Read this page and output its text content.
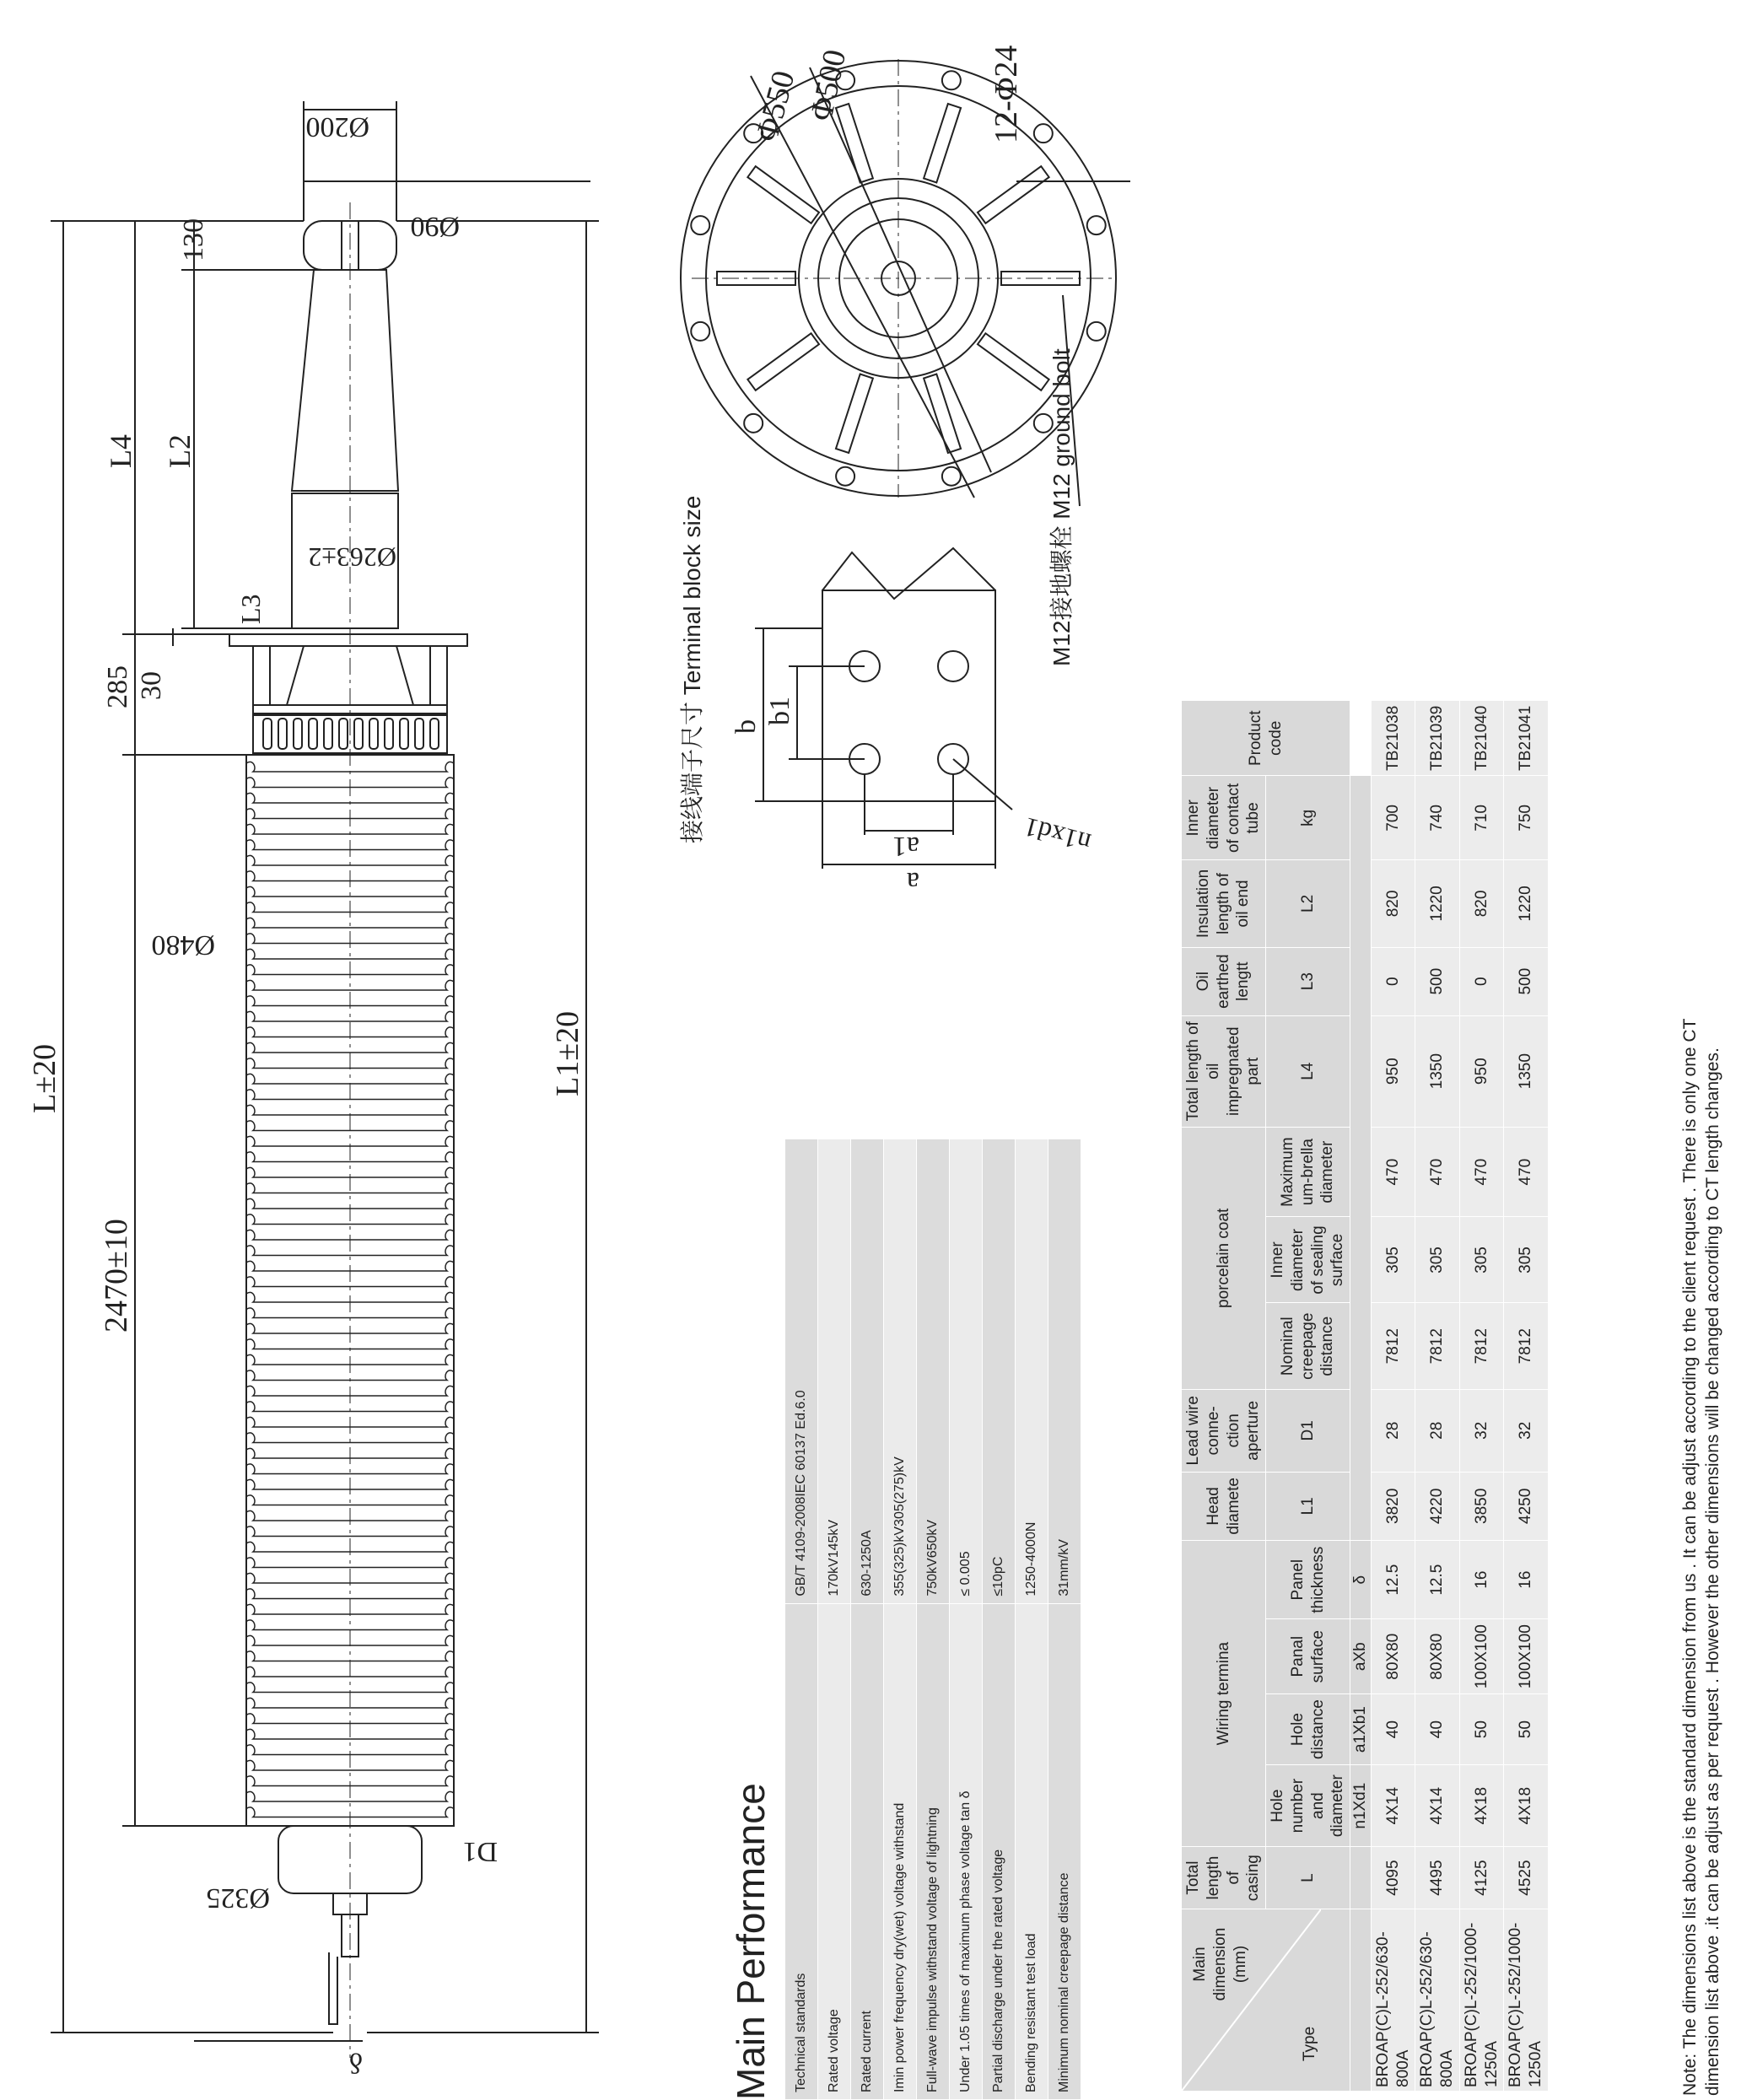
Ø200
Ø90
130
L4 L2
Ø263±2
L3
285 30
Ø480
L±20
2470±10
L1±20
D1
Ø325
δ
Φ550 Φ500	12-Φ24
M12接地螺栓 M12 ground bolt
接线端子尺寸 Terminal block size b
b1
a
a1	n1xd1
Main Performance Technical standards	GB/T 4109-2008IEC 60137 Ed.6.0
Rated voltage	170kV145kV
Rated current	630-1250A
Imin power frequency dry(wet) voltage withstand	355(325)kV305(275)kV
Full-wave impulse withstand voltage of lightning	750kV650kV
Under 1.05 times of maximum phase voltage tan δ	≤ 0.005
Partial discharge under the rated voltage	≤10pC
Bending resistant test load	1250-4000N
Minimum nominal creepage distance	31mm/kV
Main dimension (mm)
Type	Total length of casing	Wiring termina				Head diamete	Lead wire conne-ction aperture	porcelain coat			Total length of oil impregnated part	Oil earthed lengtt	Insulation length of oil end	Inner diameter of contact tube	Product code
	L	Hole number and diameter	Hole distance	Panal surface	Panel thickness	L1	D1	Nominal creepage distance	Inner diameter of sealing surface	Maximum um-brella diameter	L4	L3	L2	kg	
		n1Xd1	a1Xb1	aXb	δ										
BROAP(C)L-252/630-800A	4095	4X14	40	80X80	12.5	3820	28	7812	305	470	950	0	820	700	TB21038
BROAP(C)L-252/630-800A	4495	4X14	40	80X80	12.5	4220	28	7812	305	470	1350	500	1220	740	TB21039
BROAP(C)L-252/1000-1250A	4125	4X18	50	100X100	16	3850	32	7812	305	470	950	0	820	710	TB21040
BROAP(C)L-252/1000-1250A	4525	4X18	50	100X100	16	4250	32	7812	305	470	1350	500	1220	750	TB21041
Note: The dimensions list above is the standard dimension from us . It can be adjust according to the client request . There is only one CT dimension list above .it can be adjust as per request . However the other dimensions will be changed according to CT length changes.
